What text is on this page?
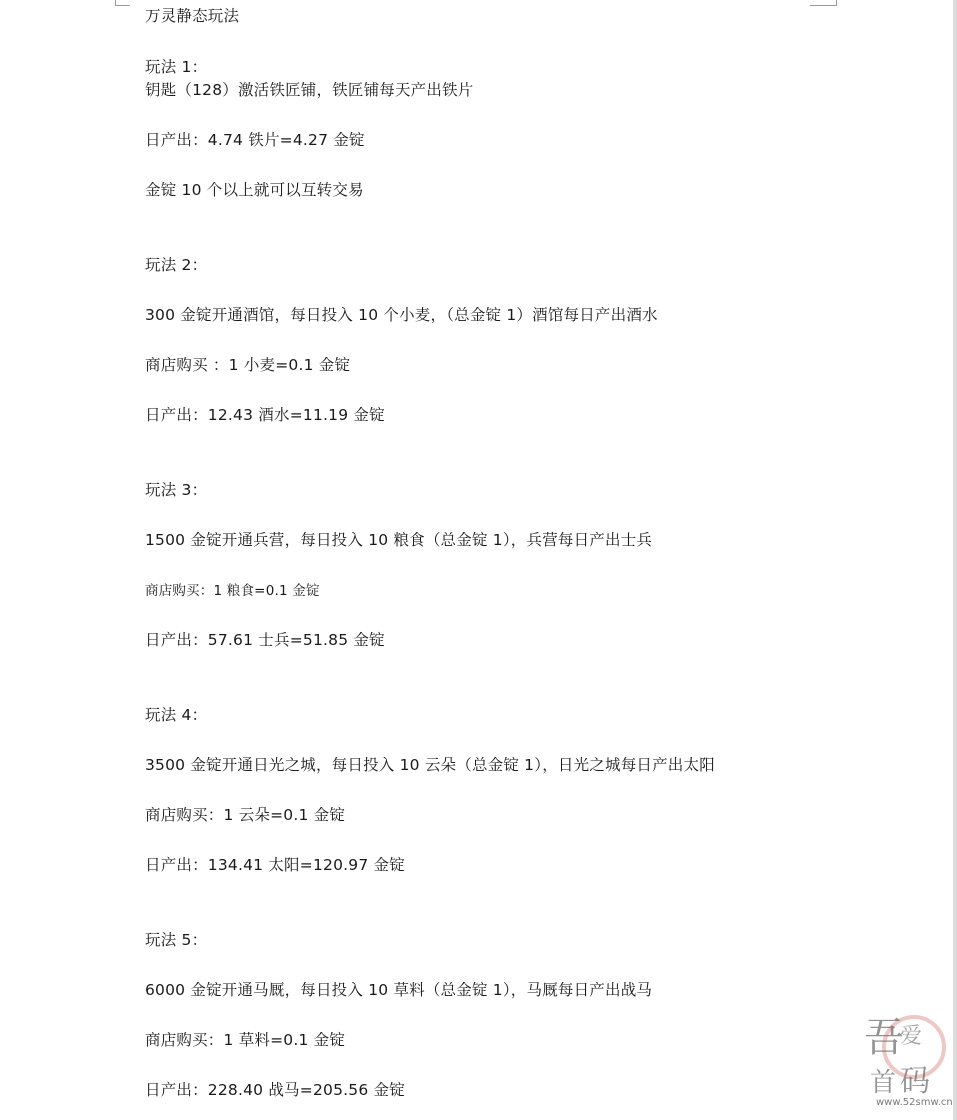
万灵静态玩法
玩法 1：
钥匙（128）激活铁匠铺，铁匠铺每天产出铁片
日产出：4.74 铁片=4.27 金锭
金锭 10 个以上就可以互转交易
玩法 2：
300 金锭开通酒馆，每日投入 10 个小麦，（总金锭 1）酒馆每日产出酒水
商店购买 ：1 小麦=0.1 金锭
日产出：12.43 酒水=11.19 金锭
玩法 3：
1500 金锭开通兵营，每日投入 10 粮食（总金锭 1），兵营每日产出士兵
商店购买：1 粮食=0.1 金锭
日产出：57.61 士兵=51.85 金锭
玩法 4：
3500 金锭开通日光之城，每日投入 10 云朵（总金锭 1），日光之城每日产出太阳
商店购买：1 云朵=0.1 金锭
日产出：134.41 太阳=120.97 金锭
玩法 5：
6000 金锭开通马厩，每日投入 10 草料（总金锭 1），马厩每日产出战马
商店购买：1 草料=0.1 金锭
日产出：228.40 战马=205.56 金锭
吾
爱
首 码
www.52smw.cn
